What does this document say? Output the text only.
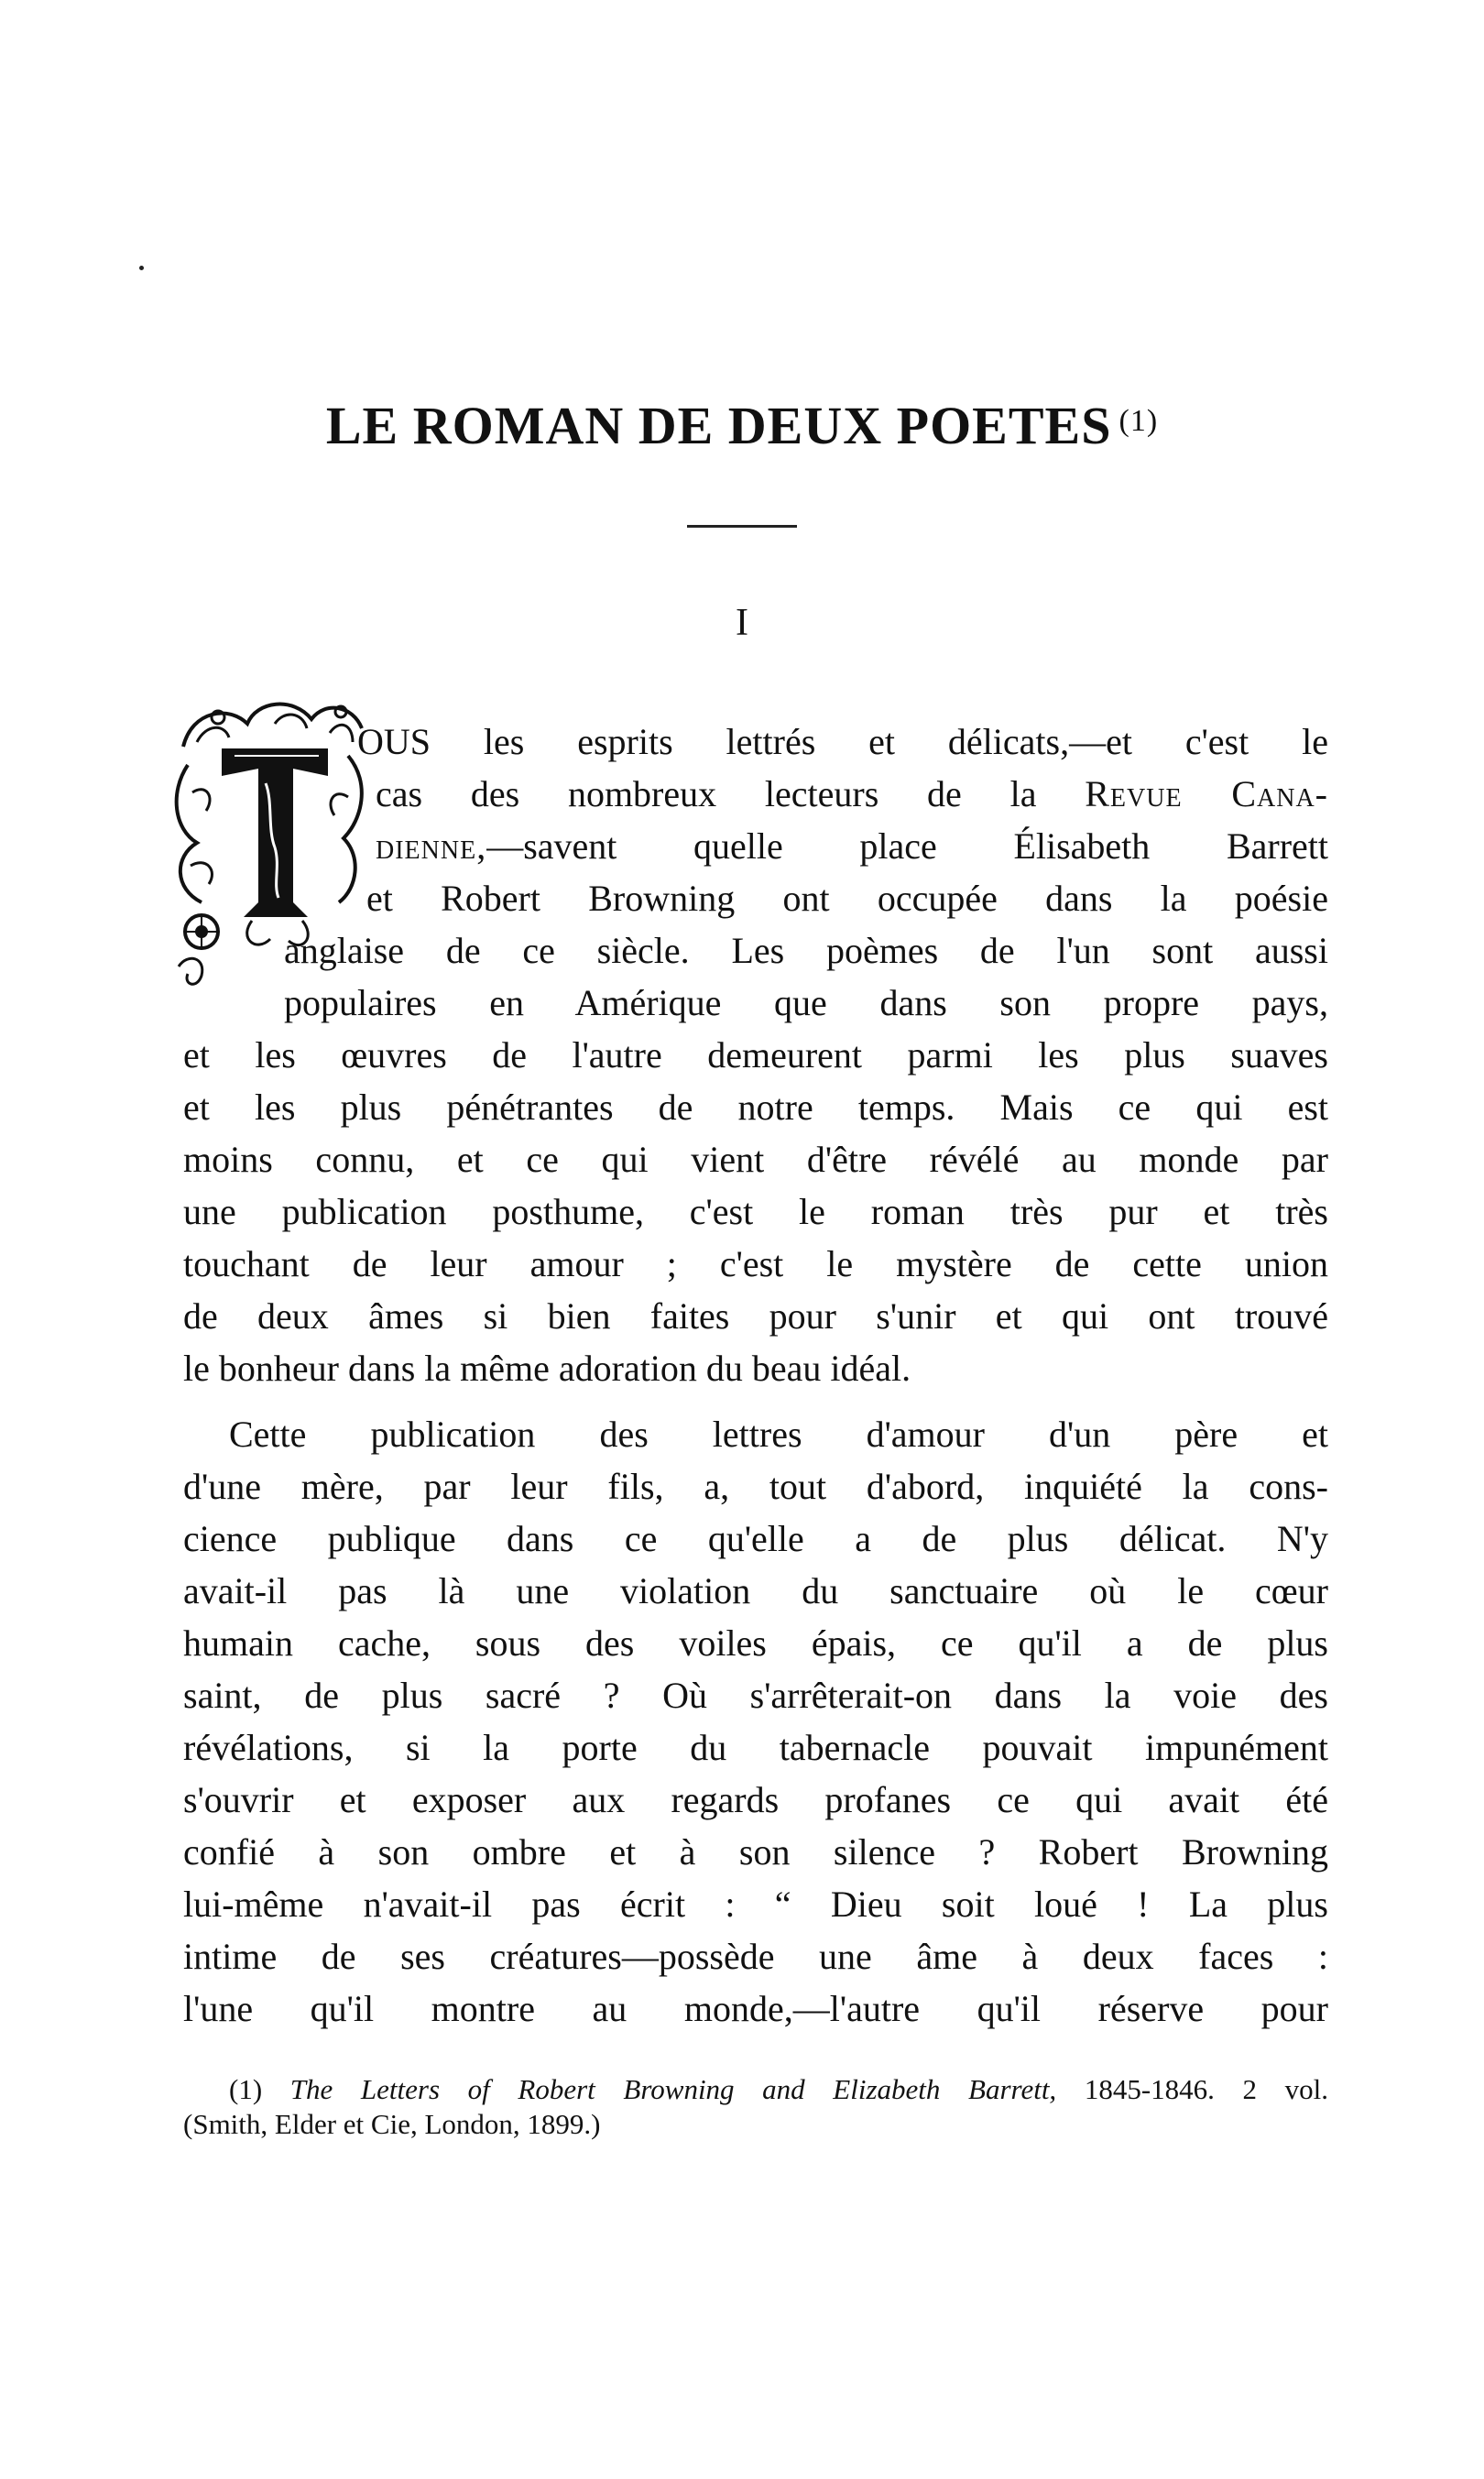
LE ROMAN DE DEUX POETES $^{(1)}$
I
OUS les esprits lettrés et délicats,—et c'est le
cas des nombreux lecteurs de la Revue Cana-
dienne,—savent quelle place Élisabeth Barrett
et Robert Browning ont occupée dans la poésie
anglaise de ce siècle. Les poèmes de l'un sont aussi
populaires en Amérique que dans son propre pays,
et les œuvres de l'autre demeurent parmi les plus suaves
et les plus pénétrantes de notre temps. Mais ce qui est
moins connu, et ce qui vient d'être révélé au monde par
une publication posthume, c'est le roman très pur et très
touchant de leur amour ; c'est le mystère de cette union
de deux âmes si bien faites pour s'unir et qui ont trouvé
le bonheur dans la même adoration du beau idéal.
Cette publication des lettres d'amour d'un père et
d'une mère, par leur fils, a, tout d'abord, inquiété la cons-
cience publique dans ce qu'elle a de plus délicat. N'y
avait-il pas là une violation du sanctuaire où le cœur
humain cache, sous des voiles épais, ce qu'il a de plus
saint, de plus sacré ? Où s'arrêterait-on dans la voie des
révélations, si la porte du tabernacle pouvait impunément
s'ouvrir et exposer aux regards profanes ce qui avait été
confié à son ombre et à son silence ? Robert Browning
lui-même n'avait-il pas écrit : “ Dieu soit loué ! La plus
intime de ses créatures—possède une âme à deux faces :
l'une qu'il montre au monde,—l'autre qu'il réserve pour
(1) The Letters of Robert Browning and Elizabeth Barrett, 1845-1846. 2 vol.
(Smith, Elder et Cie, London, 1899.)
